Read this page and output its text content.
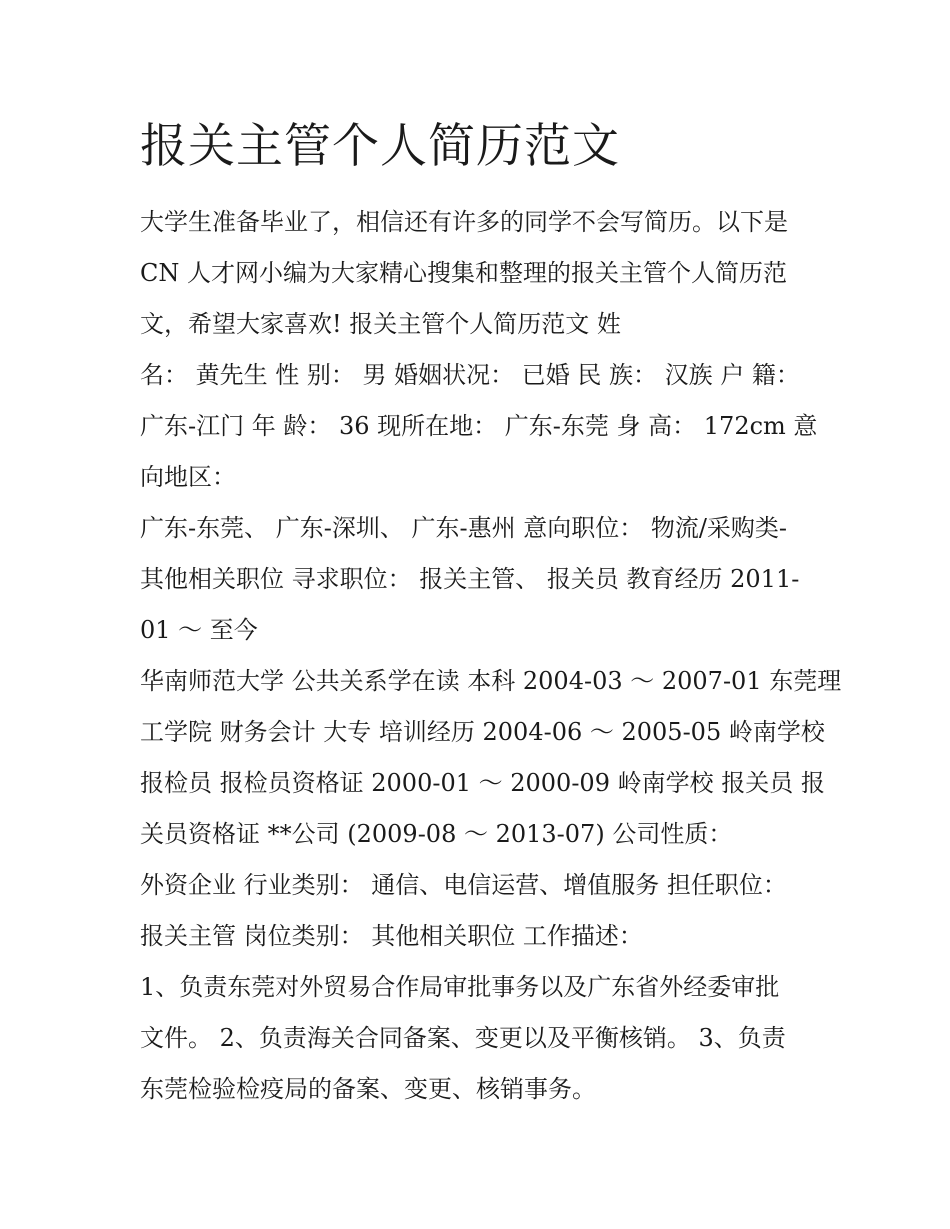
报关主管个人简历范文
大学生准备毕业了，相信还有许多的同学不会写简历。以下是
CN 人才网小编为大家精心搜集和整理的报关主管个人简历范
文，希望大家喜欢! 报关主管个人简历范文 姓
名： 黄先生 性 别： 男 婚姻状况： 已婚 民 族： 汉族 户 籍：
广东-江门 年 龄： 36 现所在地： 广东-东莞 身 高： 172cm 意
向地区：
广东-东莞、 广东-深圳、 广东-惠州 意向职位： 物流/采购类-
其他相关职位 寻求职位： 报关主管、 报关员 教育经历 2011-
01 ～ 至今
华南师范大学 公共关系学在读 本科 2004-03 ～ 2007-01 东莞理
工学院 财务会计 大专 培训经历 2004-06 ～ 2005-05 岭南学校
报检员 报检员资格证 2000-01 ～ 2000-09 岭南学校 报关员 报
关员资格证 **公司 (2009-08 ～ 2013-07) 公司性质：
外资企业 行业类别： 通信、电信运营、增值服务 担任职位：
报关主管 岗位类别： 其他相关职位 工作描述：
1、负责东莞对外贸易合作局审批事务以及广东省外经委审批
文件。 2、负责海关合同备案、变更以及平衡核销。 3、负责
东莞检验检疫局的备案、变更、核销事务。
